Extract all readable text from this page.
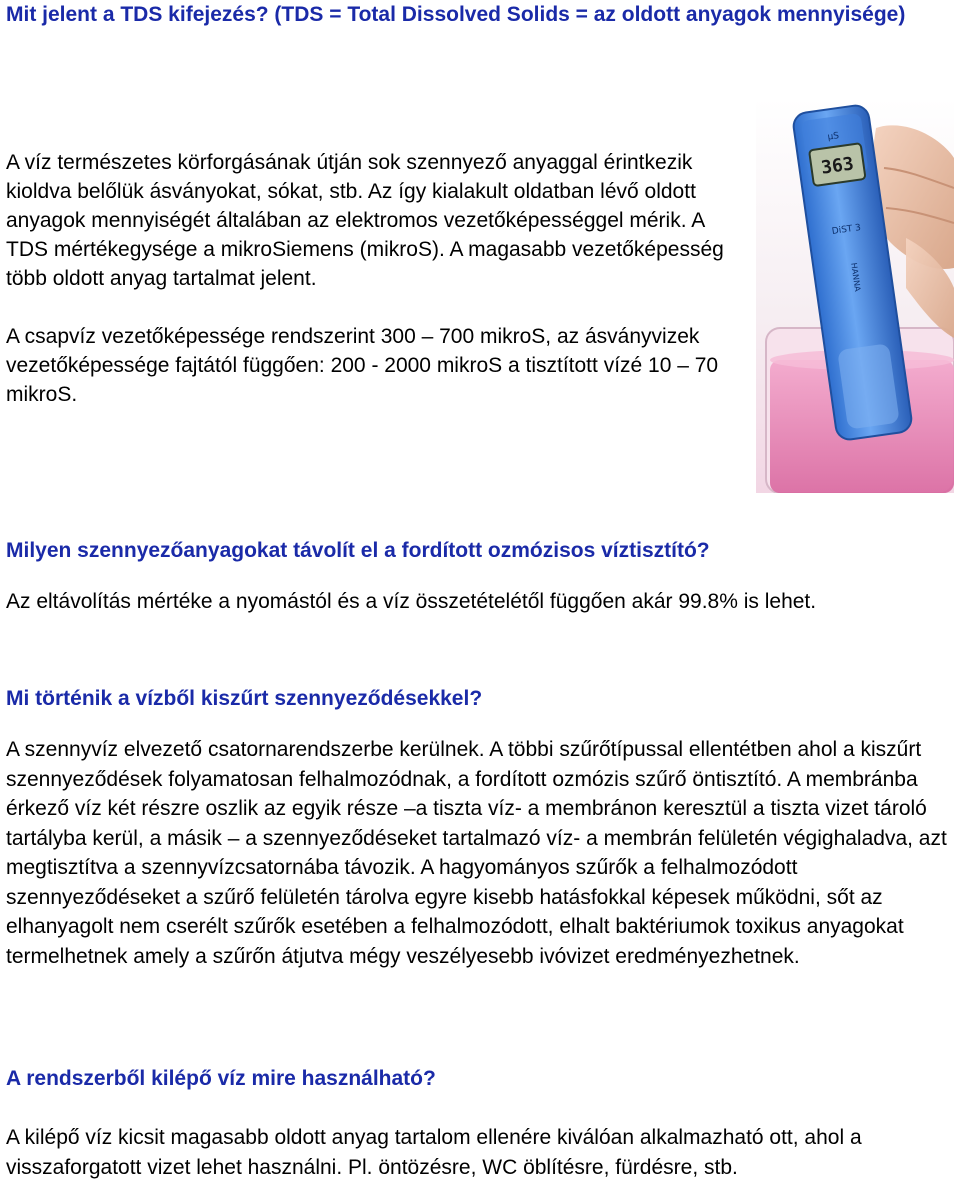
Mit jelent a TDS kifejezés? (TDS = Total Dissolved Solids = az oldott anyagok mennyisége)

A víz természetes körforgásának útján sok szennyező anyaggal érintkezik kioldva belőlük ásványokat, sókat, stb. Az így kialakult oldatban lévő oldott anyagok mennyiségét általában az elektromos vezetőképességgel mérik. A TDS mértékegysége a mikroSiemens (mikroS). A magasabb vezetőképesség több oldott anyag tartalmat jelent.

A csapvíz vezetőképessége rendszerint 300 – 700 mikroS, az ásványvizek vezetőképessége fajtától függően: 200 - 2000 mikroS a tisztított vízé 10 – 70 mikroS.

µS
363
DiST 3
HANNA
Milyen szennyezőanyagokat távolít el a fordított ozmózisos víztisztító?

Az eltávolítás mértéke a nyomástól és a víz összetételétől függően akár 99.8% is lehet.

Mi történik a vízből kiszűrt szennyeződésekkel?

A szennyvíz elvezető csatornarendszerbe kerülnek. A többi szűrőtípussal ellentétben ahol a kiszűrt szennyeződések folyamatosan felhalmozódnak, a fordított ozmózis szűrő öntisztító. A membránba érkező víz két részre oszlik az egyik része –a tiszta víz- a membránon keresztül a tiszta vizet tároló tartályba kerül, a másik – a szennyeződéseket tartalmazó víz- a membrán felületén végighaladva, azt megtisztítva a szennyvízcsatornába távozik. A hagyományos szűrők a felhalmozódott szennyeződéseket a szűrő felületén tárolva egyre kisebb hatásfokkal képesek működni, sőt az elhanyagolt nem cserélt szűrők esetében a felhalmozódott, elhalt baktériumok toxikus anyagokat termelhetnek amely a szűrőn átjutva mégy veszélyesebb ivóvizet eredményezhetnek.

A rendszerből kilépő víz mire használható?

A kilépő víz kicsit magasabb oldott anyag tartalom ellenére kiválóan alkalmazható ott, ahol a visszaforgatott vizet lehet használni. Pl. öntözésre, WC öblítésre, fürdésre, stb.
